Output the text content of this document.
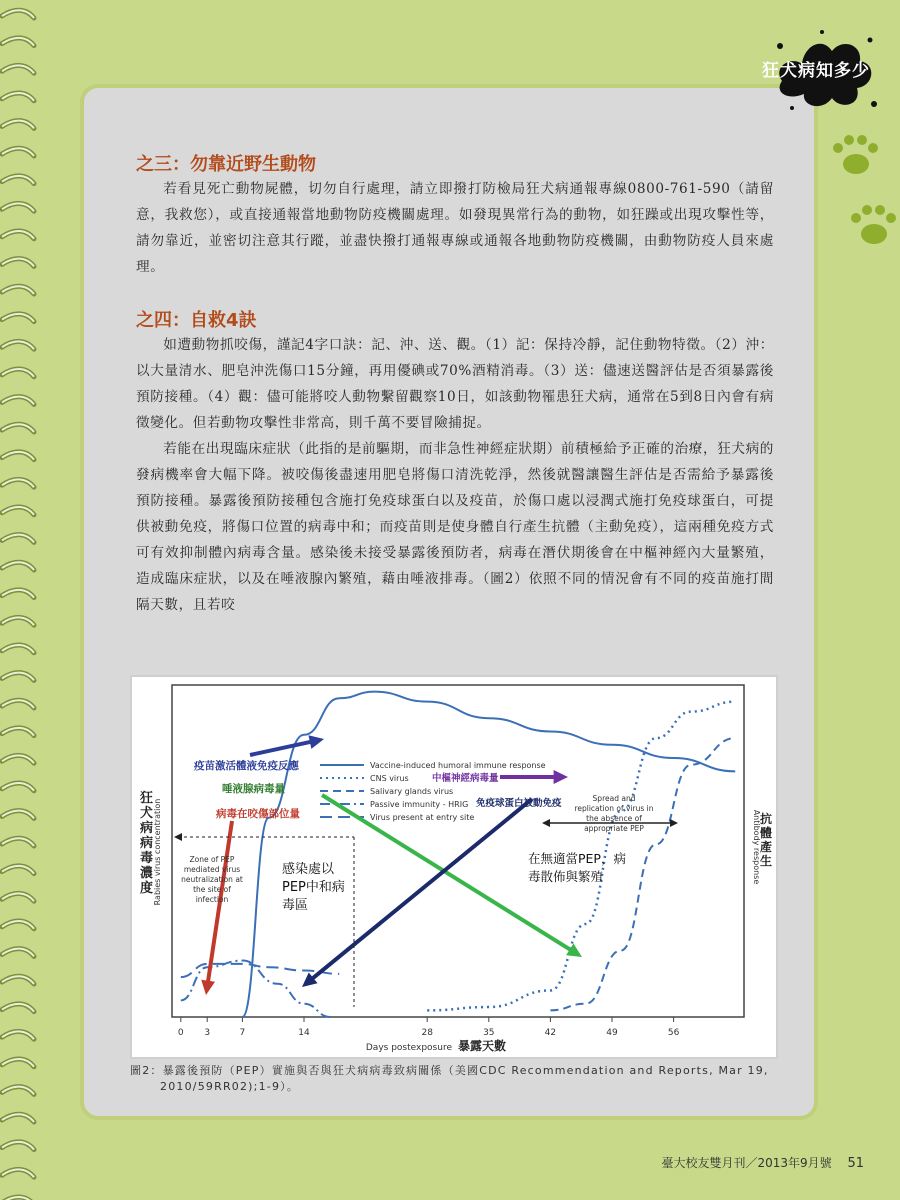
狂犬病知多少
之三：勿靠近野生動物

若看見死亡動物屍體，切勿自行處理，請立即撥打防檢局狂犬病通報專線0800-761-590（請留意，我救您），或直接通報當地動物防疫機關處理。如發現異常行為的動物，如狂躁或出現攻擊性等，請勿靠近，並密切注意其行蹤，並盡快撥打通報專線或通報各地動物防疫機關，由動物防疫人員來處理。

之四：自救4訣

如遭動物抓咬傷，謹記4字口訣：記、沖、送、觀。（1）記：保持冷靜，記住動物特徵。（2）沖：以大量清水、肥皂沖洗傷口15分鐘，再用優碘或70%酒精消毒。（3）送：儘速送醫評估是否須暴露後預防接種。（4）觀：儘可能將咬人動物繫留觀察10日，如該動物罹患狂犬病，通常在5到8日內會有病徵變化。但若動物攻擊性非常高，則千萬不要冒險捕捉。

若能在出現臨床症狀（此指的是前驅期，而非急性神經症狀期）前積極給予正確的治療，狂犬病的發病機率會大幅下降。被咬傷後盡速用肥皂將傷口清洗乾淨，然後就醫讓醫生評估是否需給予暴露後預防接種。暴露後預防接種包含施打免疫球蛋白以及疫苗，於傷口處以浸潤式施打免疫球蛋白，可提供被動免疫，將傷口位置的病毒中和；而疫苗則是使身體自行產生抗體（主動免疫），這兩種免疫方式可有效抑制體內病毒含量。感染後未接受暴露後預防者，病毒在潛伏期後會在中樞神經內大量繁殖，造成臨床症狀，以及在唾液腺內繁殖，藉由唾液排毒。（圖2）依照不同的情況會有不同的疫苗施打間隔天數，且若咬

0 3	7	14	28	35	42	49	56
Days postexposure 暴露天數
Rabies virus concentration
狂
犬
病
病
毒
濃
度
Antibody response 抗
體
產
生
Vaccine-induced humoral immune response
CNS virus
Salivary glands virus
Passive immunity - HRIG
Virus present at entry site
疫苗激活體液免疫反應
中樞神經病毒量
唾液腺病毒量
免疫球蛋白被動免疫
病毒在咬傷部位量
Zone of PEP
mediated virus
neutralization at
the site of
infection
感染處以
PEP中和病
毒區
Spread and
replication of virus in
the absence of
appropriate PEP
在無適當PEP，病
毒散佈與繁殖
圖2：暴露後預防（PEP）實施與否與狂犬病病毒致病關係（美國CDC Recommendation and Reports, Mar 19,
2010/59RR02);1-9）。
臺大校友雙月刊／2013年9月號 51
